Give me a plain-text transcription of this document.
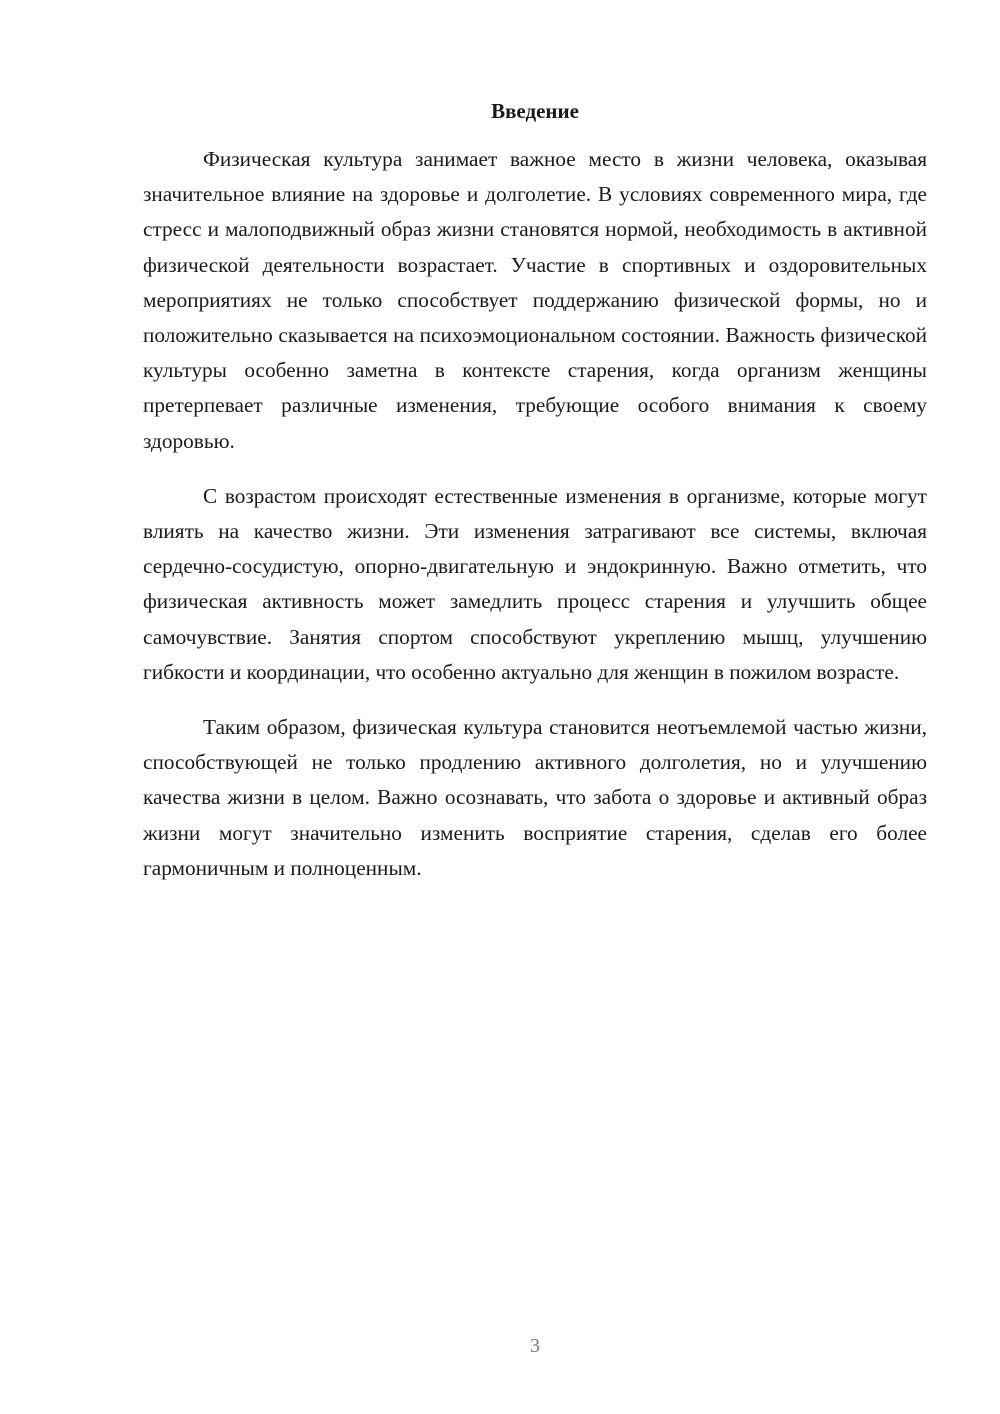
Введение

Физическая культура занимает важное место в жизни человека, оказывая значительное влияние на здоровье и долголетие. В условиях современного мира, где стресс и малоподвижный образ жизни становятся нормой, необходимость в активной физической деятельности возрастает. Участие в спортивных и оздоровительных мероприятиях не только способствует поддержанию физической формы, но и положительно сказывается на психоэмоциональном состоянии. Важность физической культуры особенно заметна в контексте старения, когда организм женщины претерпевает различные изменения, требующие особого внимания к своему здоровью.

С возрастом происходят естественные изменения в организме, которые могут влиять на качество жизни. Эти изменения затрагивают все системы, включая сердечно-сосудистую, опорно-двигательную и эндокринную. Важно отметить, что физическая активность может замедлить процесс старения и улучшить общее самочувствие. Занятия спортом способствуют укреплению мышц, улучшению гибкости и координации, что особенно актуально для женщин в пожилом возрасте.

Таким образом, физическая культура становится неотъемлемой частью жизни, способствующей не только продлению активного долголетия, но и улучшению качества жизни в целом. Важно осознавать, что забота о здоровье и активный образ жизни могут значительно изменить восприятие старения, сделав его более гармоничным и полноценным.

3
